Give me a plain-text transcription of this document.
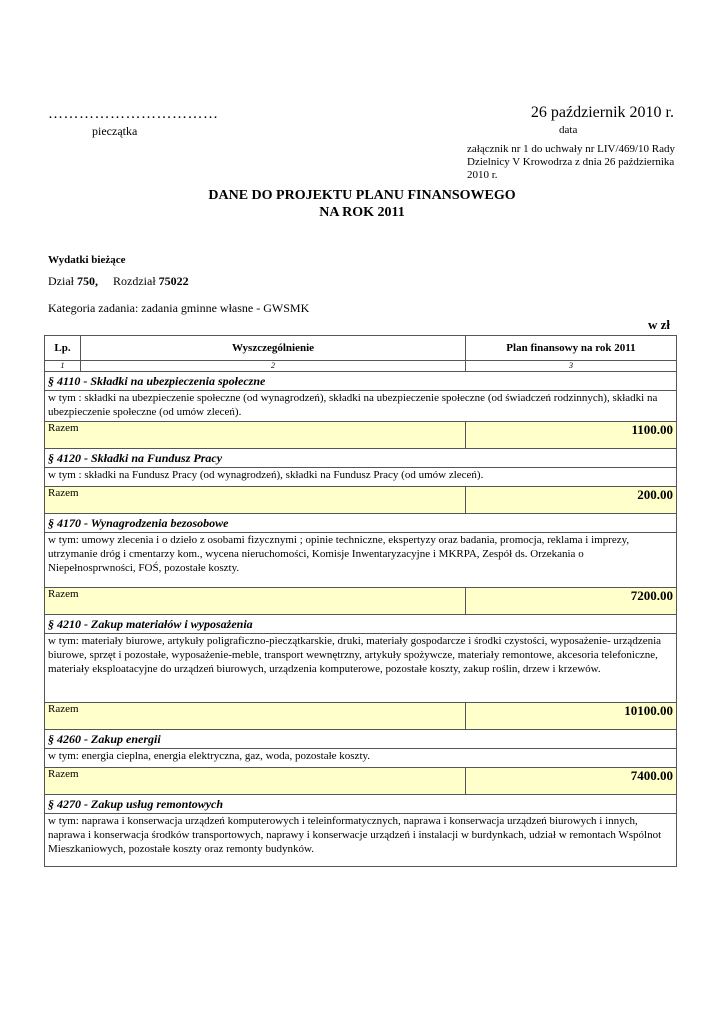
……………………………
pieczątka
26 październik 2010 r.
data
załącznik nr 1 do uchwały nr LIV/469/10 Rady Dzielnicy V Krowodrza z dnia 26 października 2010 r.
DANE DO PROJEKTU PLANU FINANSOWEGO
NA ROK 2011
Wydatki bieżące
Dział 750, Rozdział 75022
Kategoria zadania: zadania gminne własne - GWSMK
w zł
Lp.	Wyszczególnienie	Plan finansowy na rok 2011
1	2	3
§ 4110 - Składki na ubezpieczenia społeczne		
w tym : składki na ubezpieczenie społeczne (od wynagrodzeń), składki na ubezpieczenie społeczne (od świadczeń rodzinnych), składki na ubezpieczenie społeczne (od umów zleceń).		
Razem		1100.00
§ 4120 - Składki na Fundusz Pracy		
w tym : składki na Fundusz Pracy (od wynagrodzeń), składki na Fundusz Pracy (od umów zleceń).		
Razem		200.00
§ 4170 - Wynagrodzenia bezosobowe		
w tym: umowy zlecenia i o dzieło z osobami fizycznymi ; opinie techniczne, ekspertyzy oraz badania, promocja, reklama i imprezy, utrzymanie dróg i cmentarzy kom., wycena nieruchomości, Komisje Inwentaryzacyjne i MKRPA, Zespół ds. Orzekania o Niepełnosprwności, FOŚ, pozostałe koszty.		
Razem		7200.00
§ 4210 - Zakup materiałów i wyposażenia		
w tym: materiały biurowe, artykuły poligraficzno-pieczątkarskie, druki, materiały gospodarcze i środki czystości, wyposażenie- urządzenia biurowe, sprzęt i pozostałe, wyposażenie-meble, transport wewnętrzny, artykuły spożywcze, materiały remontowe, akcesoria telefoniczne, materiały eksploatacyjne do urządzeń biurowych, urządzenia komputerowe, pozostałe koszty, zakup roślin, drzew i krzewów.		
Razem		10100.00
§ 4260 - Zakup energii		
w tym: energia cieplna, energia elektryczna, gaz, woda, pozostałe koszty.		
Razem		7400.00
§ 4270 - Zakup usług remontowych		
w tym: naprawa i konserwacja urządzeń komputerowych i teleinformatycznych, naprawa i konserwacja urządzeń biurowych i innych, naprawa i konserwacja środków transportowych, naprawy i konserwacje urządzeń i instalacji w burdynkach, udział w remontach Wspólnot Mieszkaniowych, pozostałe koszty oraz remonty budynków.		
